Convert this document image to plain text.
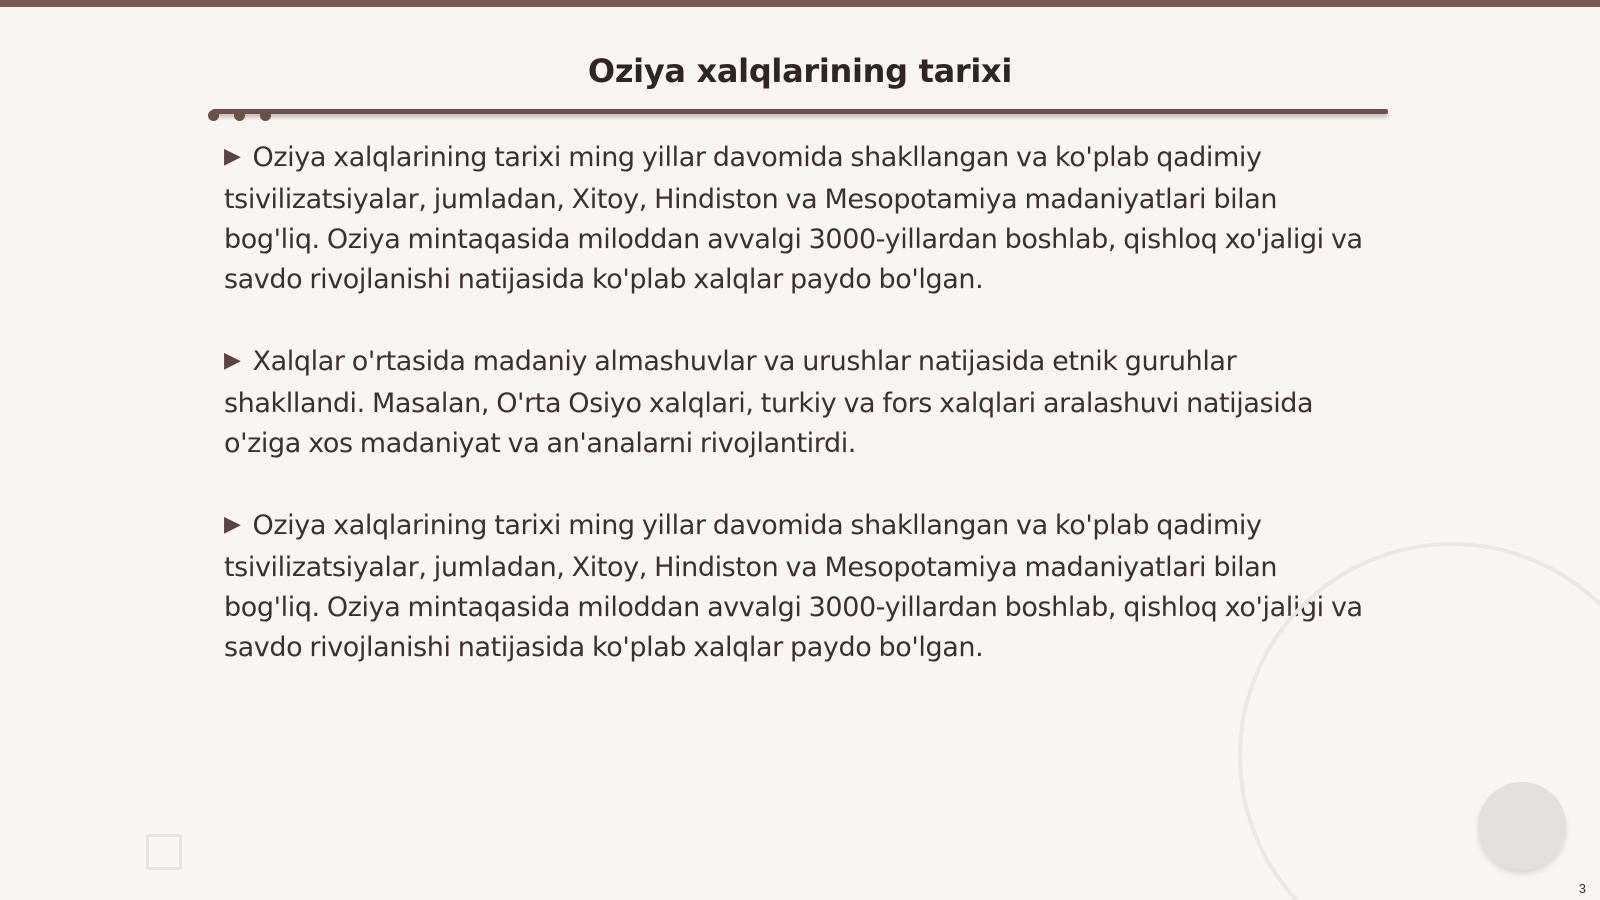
Oziya xalqlarining tarixi

▶ Oziya xalqlarining tarixi ming yillar davomida shakllangan va ko'plab qadimiy tsivilizatsiyalar, jumladan, Xitoy, Hindiston va Mesopotamiya madaniyatlari bilan bog'liq. Oziya mintaqasida miloddan avvalgi 3000-yillardan boshlab, qishloq xo'jaligi va savdo rivojlanishi natijasida ko'plab xalqlar paydo bo'lgan.

▶ Xalqlar o'rtasida madaniy almashuvlar va urushlar natijasida etnik guruhlar shakllandi. Masalan, O'rta Osiyo xalqlari, turkiy va fors xalqlari aralashuvi natijasida o'ziga xos madaniyat va an'analarni rivojlantirdi.

▶ Oziya xalqlarining tarixi ming yillar davomida shakllangan va ko'plab qadimiy tsivilizatsiyalar, jumladan, Xitoy, Hindiston va Mesopotamiya madaniyatlari bilan bog'liq. Oziya mintaqasida miloddan avvalgi 3000-yillardan boshlab, qishloq xo'jaligi va savdo rivojlanishi natijasida ko'plab xalqlar paydo bo'lgan.

3
